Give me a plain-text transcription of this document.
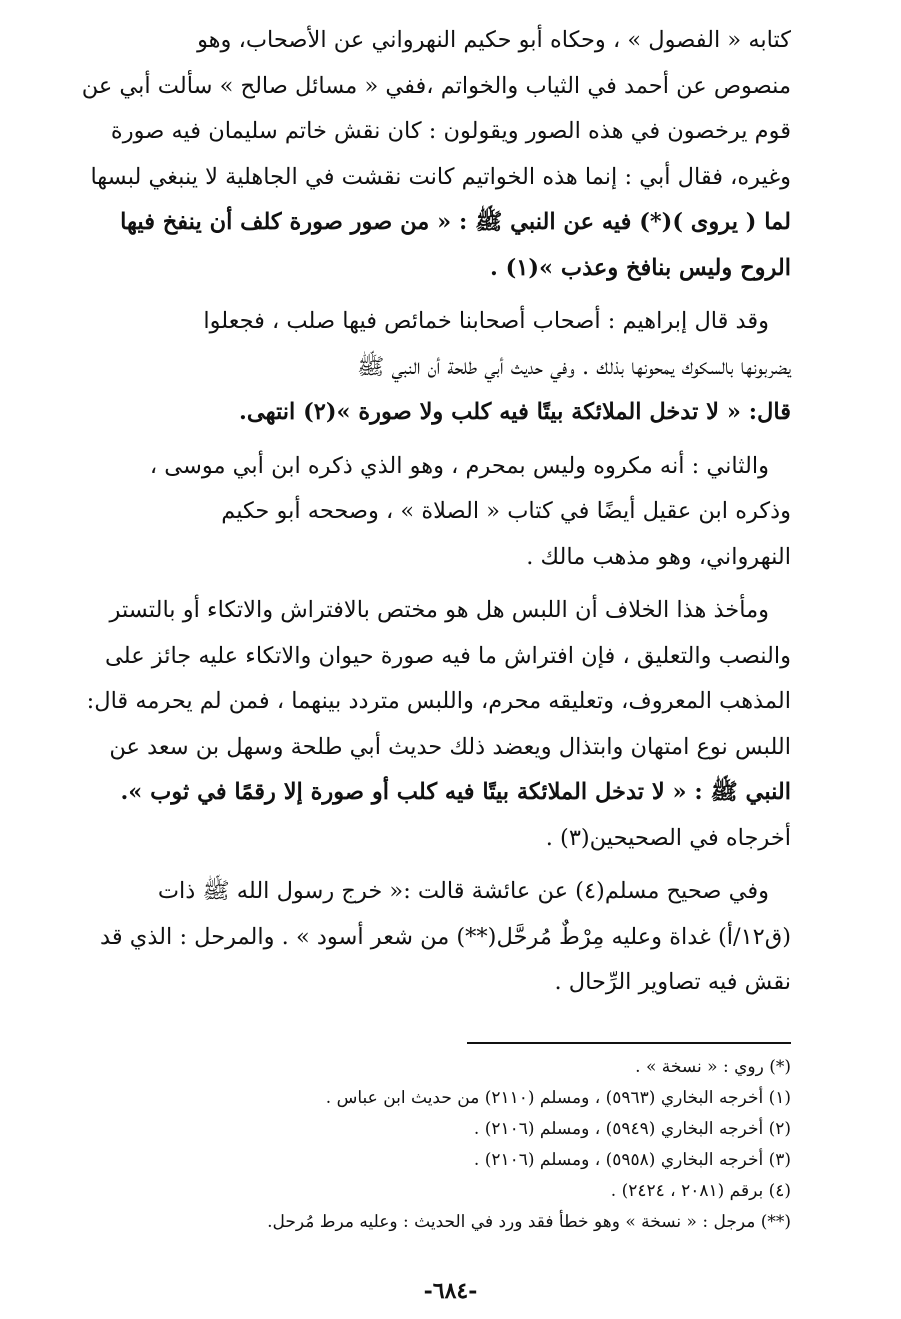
كتابه « الفصول » ، وحكاه أبو حكيم النهرواني عن الأصحاب، وهو
منصوص عن أحمد في الثياب والخواتم ،ففي « مسائل صالح » سألت أبي عن
قوم يرخصون في هذه الصور ويقولون : كان نقش خاتم سليمان فيه صورة
وغيره، فقال أبي : إنما هذه الخواتيم كانت نقشت في الجاهلية لا ينبغي لبسها
لما ( يروى )(*) فيه عن النبي ﷺ : « من صور صورة كلف أن ينفخ فيها
الروح وليس بنافخ وعذب »(١) .

وقد قال إبراهيم : أصحاب أصحابنا خمائص فيها صلب ، فجعلوا
يضربونها بالسكوك يمحونها بذلك . وفي حديث أبي طلحة أن النبي ﷺ
قال: « لا تدخل الملائكة بيتًا فيه كلب ولا صورة »(٢) انتهى.

والثاني : أنه مكروه وليس بمحرم ، وهو الذي ذكره ابن أبي موسى ،
وذكره ابن عقيل أيضًا في كتاب « الصلاة » ، وصححه أبو حكيم
النهرواني، وهو مذهب مالك .

ومأخذ هذا الخلاف أن اللبس هل هو مختص بالافتراش والاتكاء أو بالتستر
والنصب والتعليق ، فإن افتراش ما فيه صورة حيوان والاتكاء عليه جائز على
المذهب المعروف، وتعليقه محرم، واللبس متردد بينهما ، فمن لم يحرمه قال:
اللبس نوع امتهان وابتذال ويعضد ذلك حديث أبي طلحة وسهل بن سعد عن
النبي ﷺ : « لا تدخل الملائكة بيتًا فيه كلب أو صورة إلا رقمًا في ثوب ».
أخرجاه في الصحيحين(٣) .

وفي صحيح مسلم(٤) عن عائشة قالت :« خرج رسول الله ﷺ ذات
(ق١٢/أ) غداة وعليه مِرْطٌ مُرحَّل(**) من شعر أسود » . والمرحل : الذي قد
نقش فيه تصاوير الرِّحال .

(*) روي : « نسخة » .
(١) أخرجه البخاري (٥٩٦٣) ، ومسلم (٢١١٠) من حديث ابن عباس .
(٢) أخرجه البخاري (٥٩٤٩) ، ومسلم (٢١٠٦) .
(٣) أخرجه البخاري (٥٩٥٨) ، ومسلم (٢١٠٦) .
(٤) برقم (٢٠٨١ ، ٢٤٢٤) .
(**) مرجل : « نسخة » وهو خطأ فقد ورد في الحديث : وعليه مرط مُرحل.
-٦٨٤-
